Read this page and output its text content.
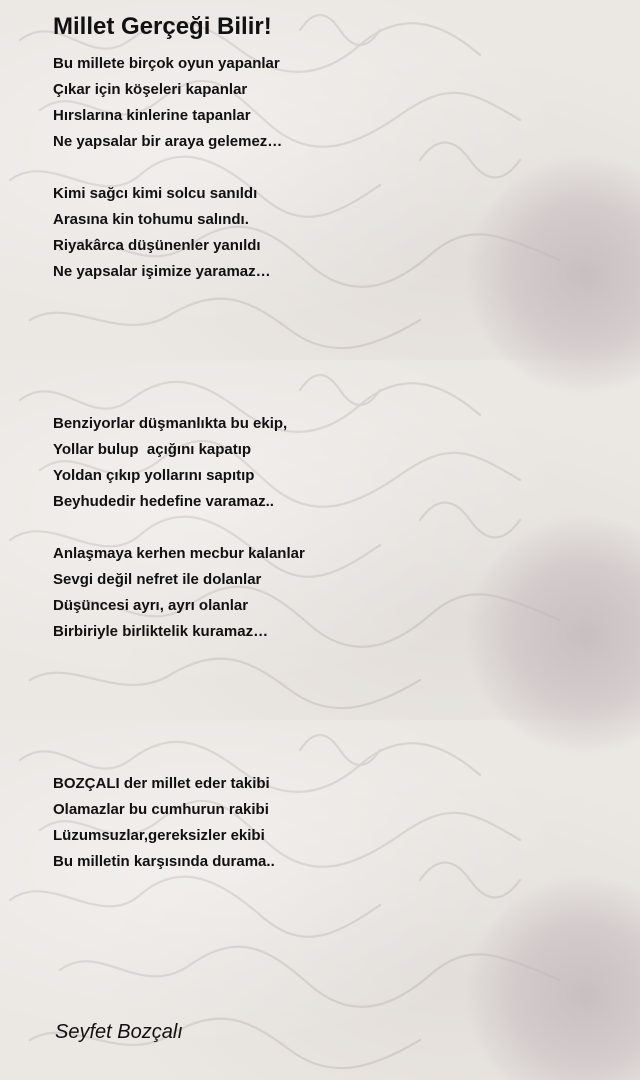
Millet Gerçeği Bilir!
Bu millete birçok oyun yapanlar
Çıkar için köşeleri kapanlar
Hırslarına kinlerine tapanlar
Ne yapsalar bir araya gelemez…
Kimi sağcı kimi solcu sanıldı
Arasına kin tohumu salındı.
Riyakârca düşünenler yanıldı
Ne yapsalar işimize yaramaz…
Benziyorlar düşmanlıkta bu ekip,
Yollar bulup  açığını kapatıp
Yoldan çıkıp yollarını sapıtıp
Beyhudedir hedefine varamaz..
Anlaşmaya kerhen mecbur kalanlar
Sevgi değil nefret ile dolanlar
Düşüncesi ayrı, ayrı olanlar
Birbiriyle birliktelik kuramaz…
BOZÇALI der millet eder takibi
Olamazlar bu cumhurun rakibi
Lüzumsuzlar,gereksizler ekibi
Bu milletin karşısında durama..
Seyfet Bozçalı
